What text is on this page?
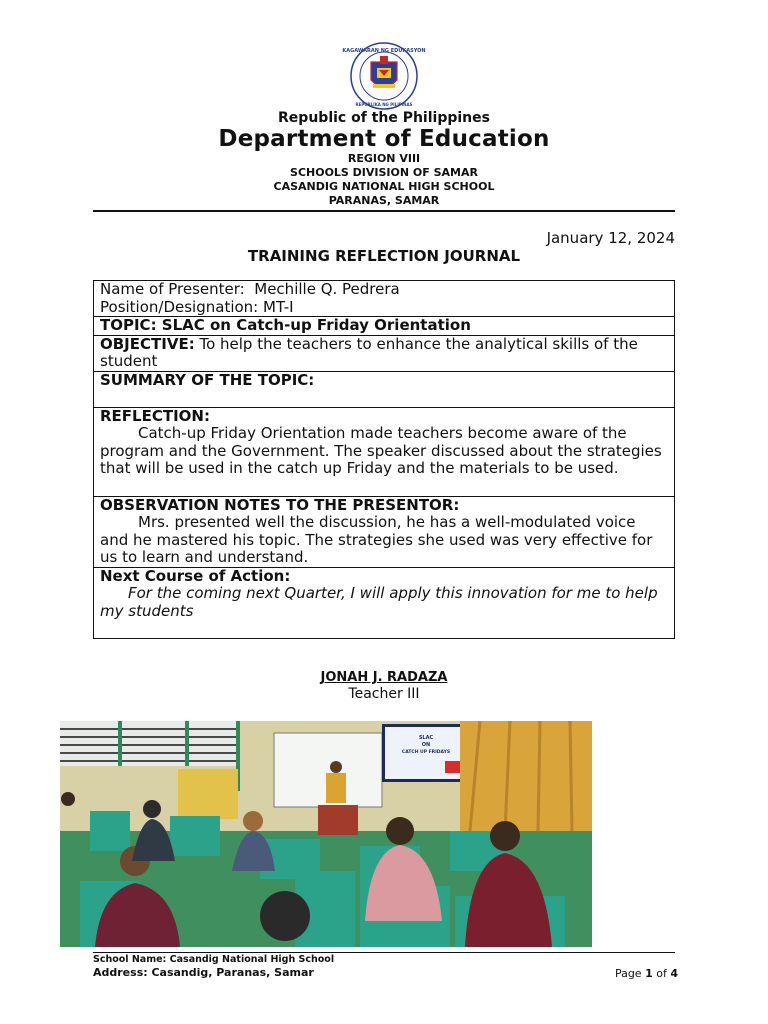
KAGAWARAN NG EDUKASYON
REPUBLIKA NG PILIPINAS
Republic of the Philippines
Department of Education
REGION VIII
SCHOOLS DIVISION OF SAMAR
CASANDIG NATIONAL HIGH SCHOOL
PARANAS, SAMAR
January 12, 2024
TRAINING REFLECTION JOURNAL
Name of Presenter: Mechille Q. Pedrera
Position/Designation: MT-I

TOPIC: SLAC on Catch-up Friday Orientation
OBJECTIVE: To help the teachers to enhance the analytical skills of the student
SUMMARY OF THE TOPIC:

REFLECTION:
Catch-up Friday Orientation made teachers become aware of the program and the Government. The speaker discussed about the strategies that will be used in the catch up Friday and the materials to be used.

OBSERVATION NOTES TO THE PRESENTOR:
Mrs. presented well the discussion, he has a well-modulated voice and he mastered his topic. The strategies she used was very effective for us to learn and understand.

Next Course of Action:
For the coming next Quarter, I will apply this innovation for me to help my students
JONAH J. RADAZA
Teacher III
SLAC
ON
CATCH UP FRIDAYS
School Name: Casandig National High School
Address: Casandig, Paranas, Samar	Page 1 of 4
